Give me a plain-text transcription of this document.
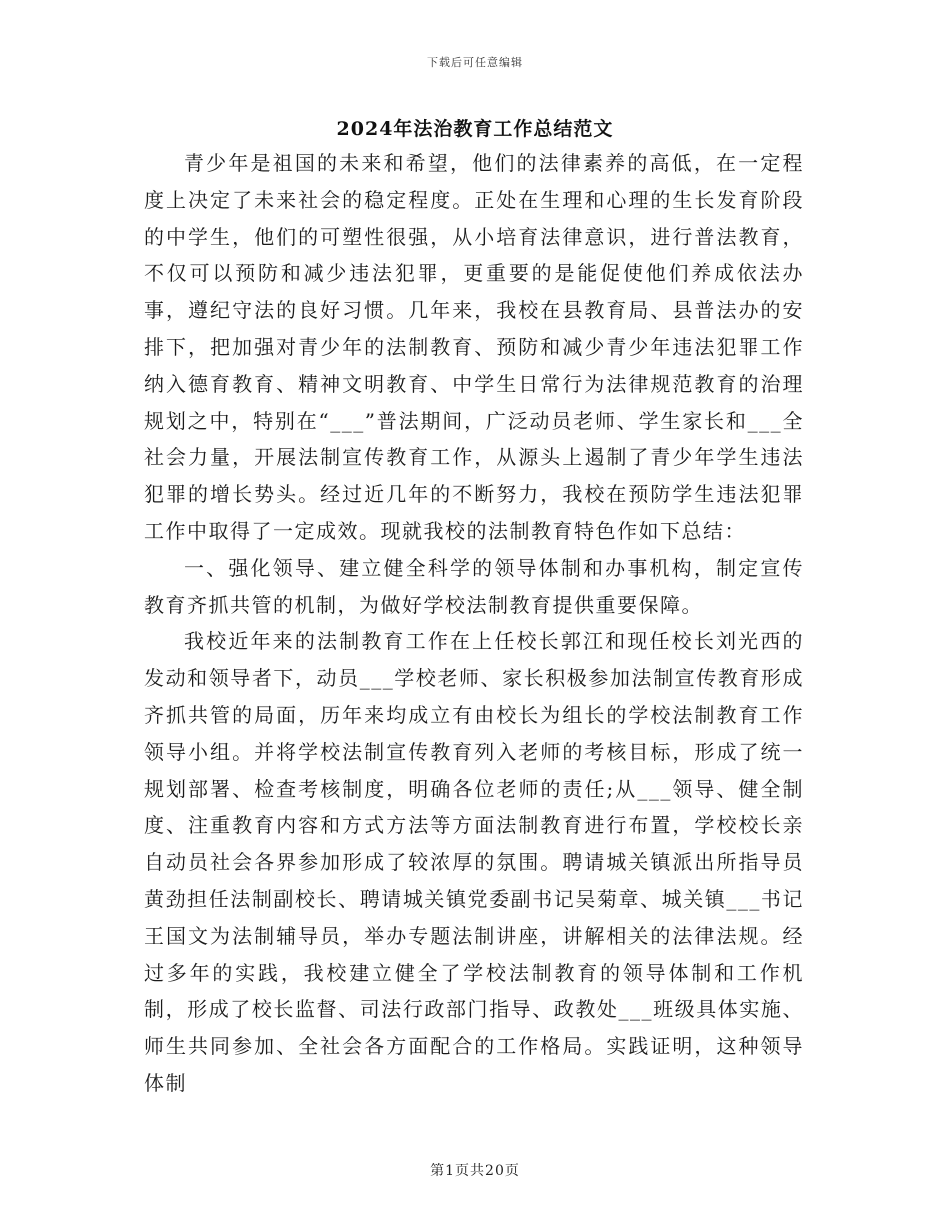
下载后可任意编辑
2024年法治教育工作总结范文

青少年是祖国的未来和希望，他们的法律素养的高低，在一定程度上决定了未来社会的稳定程度。正处在生理和心理的生长发育阶段的中学生，他们的可塑性很强，从小培育法律意识，进行普法教育，不仅可以预防和减少违法犯罪，更重要的是能促使他们养成依法办事，遵纪守法的良好习惯。几年来，我校在县教育局、县普法办的安排下，把加强对青少年的法制教育、预防和减少青少年违法犯罪工作纳入德育教育、精神文明教育、中学生日常行为法律规范教育的治理规划之中，特别在“___”普法期间，广泛动员老师、学生家长和___全社会力量，开展法制宣传教育工作，从源头上遏制了青少年学生违法犯罪的增长势头。经过近几年的不断努力，我校在预防学生违法犯罪工作中取得了一定成效。现就我校的法制教育特色作如下总结：

一、强化领导、建立健全科学的领导体制和办事机构，制定宣传教育齐抓共管的机制，为做好学校法制教育提供重要保障。

我校近年来的法制教育工作在上任校长郭江和现任校长刘光西的发动和领导者下，动员___学校老师、家长积极参加法制宣传教育形成齐抓共管的局面，历年来均成立有由校长为组长的学校法制教育工作领导小组。并将学校法制宣传教育列入老师的考核目标，形成了统一规划部署、检查考核制度，明确各位老师的责任;从___领导、健全制度、注重教育内容和方式方法等方面法制教育进行布置，学校校长亲自动员社会各界参加形成了较浓厚的氛围。聘请城关镇派出所指导员黄劲担任法制副校长、聘请城关镇党委副书记吴菊章、城关镇___书记王国文为法制辅导员，举办专题法制讲座，讲解相关的法律法规。经过多年的实践，我校建立健全了学校法制教育的领导体制和工作机制，形成了校长监督、司法行政部门指导、政教处___班级具体实施、师生共同参加、全社会各方面配合的工作格局。实践证明，这种领导体制

第1页共20页
